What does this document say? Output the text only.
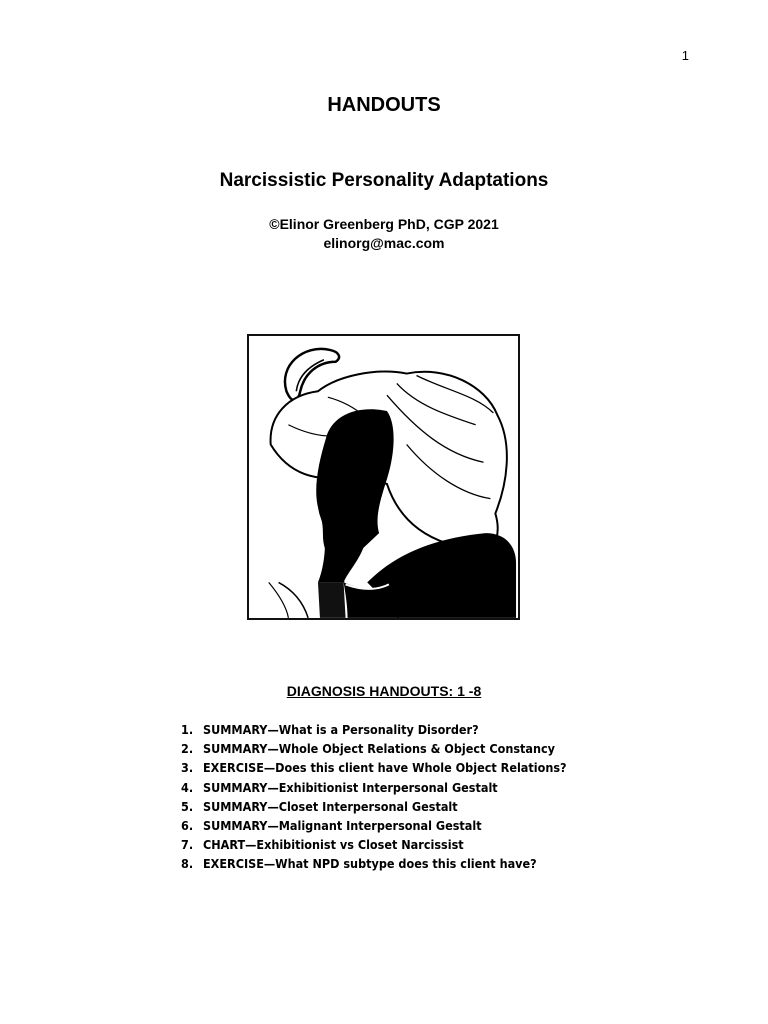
1
HANDOUTS
Narcissistic Personality Adaptations
©Elinor Greenberg PhD, CGP 2021
elinorg@mac.com
DIAGNOSIS HANDOUTS: 1 -8
1. SUMMARY—What is a Personality Disorder?
2. SUMMARY—Whole Object Relations & Object Constancy
3. EXERCISE—Does this client have Whole Object Relations?
4. SUMMARY—Exhibitionist Interpersonal Gestalt
5. SUMMARY—Closet Interpersonal Gestalt
6. SUMMARY—Malignant Interpersonal Gestalt
7. CHART—Exhibitionist vs Closet Narcissist
8. EXERCISE—What NPD subtype does this client have?
